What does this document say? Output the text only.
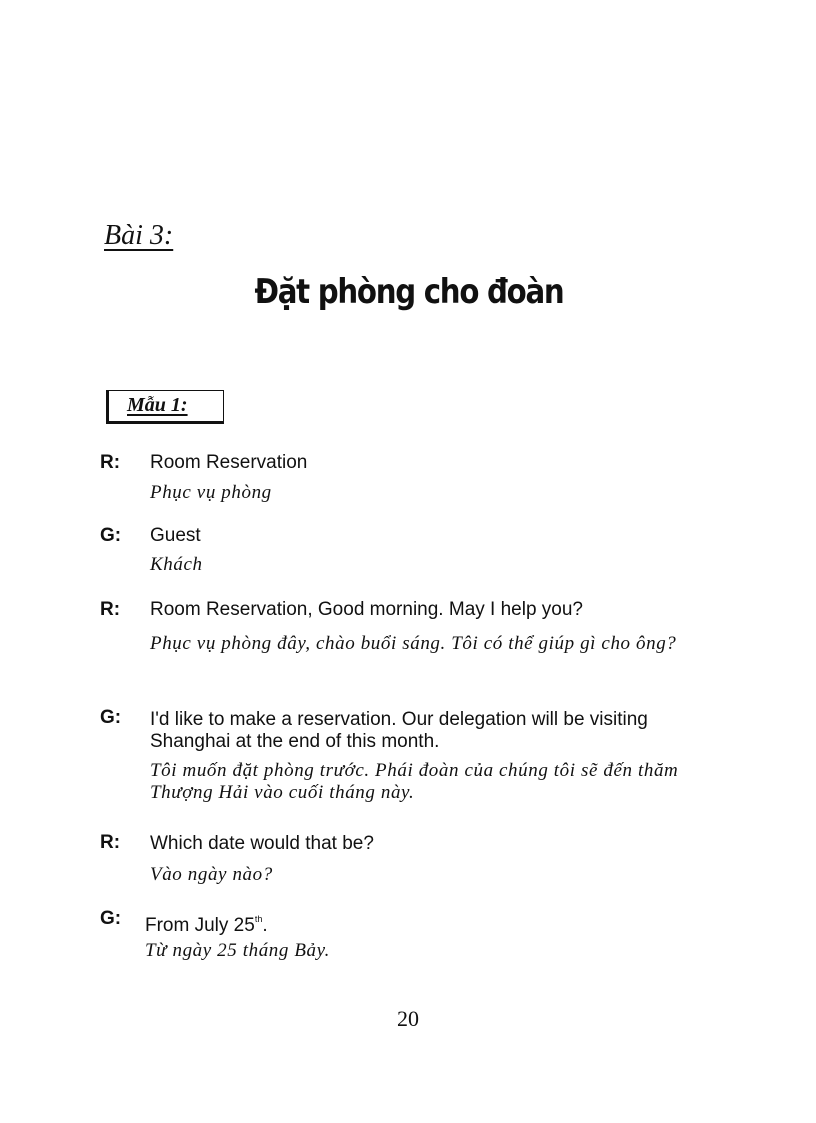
Bài 3:
Đặt phòng cho đoàn
Mẫu 1:
R: Room Reservation
Phục vụ phòng
G: Guest
Khách
R: Room Reservation, Good morning. May I help you?
Phục vụ phòng đây, chào buổi sáng. Tôi có thể giúp gì cho ông?
G: I'd like to make a reservation. Our delegation will be visiting Shanghai at the end of this month.
Tôi muốn đặt phòng trước. Phái đoàn của chúng tôi sẽ đến thăm Thượng Hải vào cuối tháng này.
R: Which date would that be?
Vào ngày nào?
G: From July 25th.
Từ ngày 25 tháng Bảy.
20
